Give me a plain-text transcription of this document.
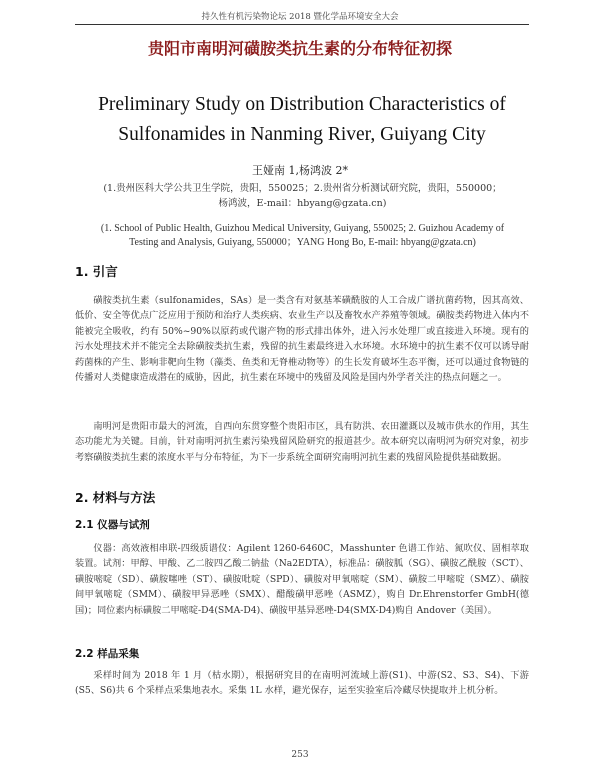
持久性有机污染物论坛 2018 暨化学品环境安全大会
贵阳市南明河磺胺类抗生素的分布特征初探
Preliminary Study on Distribution Characteristics of
Sulfonamides in Nanming River, Guiyang City
王娅南 1,杨鸿波 2*
(1.贵州医科大学公共卫生学院，贵阳，550025；2.贵州省分析测试研究院，贵阳，550000；杨鸿波，E-mail：hbyang@gzata.cn)
(1. School of Public Health, Guizhou Medical University, Guiyang, 550025; 2. Guizhou Academy of Testing and Analysis, Guiyang, 550000；YANG Hong Bo, E-mail: hbyang@gzata.cn)
1. 引言

磺胺类抗生素（sulfonamides，SAs）是一类含有对氨基苯磺酰胺的人工合成广谱抗菌药物，因其高效、低价、安全等优点广泛应用于预防和治疗人类疾病、农业生产以及畜牧水产养殖等领域。磺胺类药物进入体内不能被完全吸收，约有 50%~90%以原药或代谢产物的形式排出体外，进入污水处理厂或直接进入环境。现有的污水处理技术并不能完全去除磺胺类抗生素，残留的抗生素最终进入水环境。水环境中的抗生素不仅可以诱导耐药菌株的产生、影响非靶向生物（藻类、鱼类和无脊椎动物等）的生长发育破坏生态平衡，还可以通过食物链的传播对人类健康造成潜在的威胁，因此，抗生素在环境中的残留及风险是国内外学者关注的热点问题之一。

南明河是贵阳市最大的河流，自西向东贯穿整个贵阳市区，具有防洪、农田灌溉以及城市供水的作用，其生态功能尤为关键。目前，针对南明河抗生素污染残留风险研究的报道甚少。故本研究以南明河为研究对象，初步考察磺胺类抗生素的浓度水平与分布特征，为下一步系统全面研究南明河抗生素的残留风险提供基础数据。

2. 材料与方法
2.1 仪器与试剂

仪器：高效液相串联-四级质谱仪：Agilent 1260-6460C，Masshunter 色谱工作站、氮吹仪、固相萃取装置。试剂：甲醇、甲酸、乙二胺四乙酸二钠盐（Na2EDTA），标准品：磺胺胍（SG）、磺胺乙酰胺（SCT）、磺胺嘧啶（SD）、磺胺噻唑（ST）、磺胺吡啶（SPD）、磺胺对甲氧嘧啶（SM）、磺胺二甲嘧啶（SMZ）、磺胺间甲氧嘧啶（SMM）、磺胺甲异恶唑（SMX）、醋酸磺甲恶唑（ASMZ），购自 Dr.Ehrenstorfer GmbH(德国)；同位素内标磺胺二甲嘧啶-D4(SMA-D4)、磺胺甲基异恶唑-D4(SMX-D4)购自 Andover（美国）。

2.2 样品采集

采样时间为 2018 年 1 月（枯水期），根据研究目的在南明河流域上游(S1)、中游(S2、S3、S4)、下游(S5、S6)共 6 个采样点采集地表水。采集 1L 水样，避光保存，运至实验室后冷藏尽快提取并上机分析。

253
